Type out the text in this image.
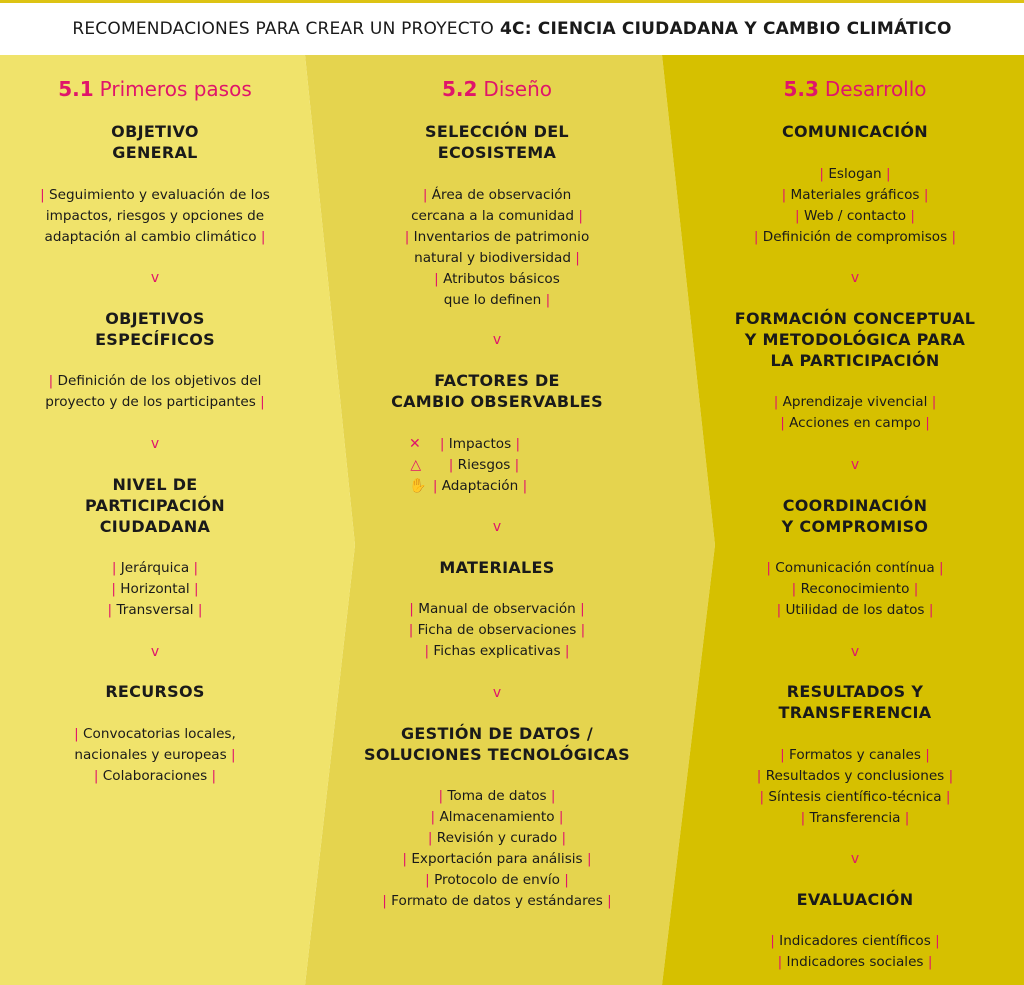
RECOMENDACIONES PARA CREAR UN PROYECTO 4C: CIENCIA CIUDADANA Y CAMBIO CLIMÁTICO
5.1 Primeros pasos
OBJETIVO
GENERAL
| Seguimiento y evaluación de los
impactos, riesgos y opciones de
adaptación al cambio climático |
v
OBJETIVOS
ESPECÍFICOS
| Definición de los objetivos del
proyecto y de los participantes |
v
NIVEL DE
PARTICIPACIÓN
CIUDADANA
| Jerárquica |
| Horizontal |
| Transversal |
v
RECURSOS
| Convocatorias locales,
nacionales y europeas |
| Colaboraciones |
5.2 Diseño
SELECCIÓN DEL
ECOSISTEMA
| Área de observación
cercana a la comunidad |
| Inventarios de patrimonio
natural y biodiversidad |
| Atributos básicos
que lo definen |
v
FACTORES DE
CAMBIO OBSERVABLES
✕ | Impactos |
△ | Riesgos |
✋ | Adaptación |
v
MATERIALES
| Manual de observación |
| Ficha de observaciones |
| Fichas explicativas |
v
GESTIÓN DE DATOS /
SOLUCIONES TECNOLÓGICAS
| Toma de datos |
| Almacenamiento |
| Revisión y curado |
| Exportación para análisis |
| Protocolo de envío |
| Formato de datos y estándares |
5.3 Desarrollo
COMUNICACIÓN
| Eslogan |
| Materiales gráficos |
| Web / contacto |
| Definición de compromisos |
v
FORMACIÓN CONCEPTUAL
Y METODOLÓGICA PARA
LA PARTICIPACIÓN
| Aprendizaje vivencial |
| Acciones en campo |
v
COORDINACIÓN
Y COMPROMISO
| Comunicación contínua |
| Reconocimiento |
| Utilidad de los datos |
v
RESULTADOS Y
TRANSFERENCIA
| Formatos y canales |
| Resultados y conclusiones |
| Síntesis científico-técnica |
| Transferencia |
v
EVALUACIÓN
| Indicadores científicos |
| Indicadores sociales |
